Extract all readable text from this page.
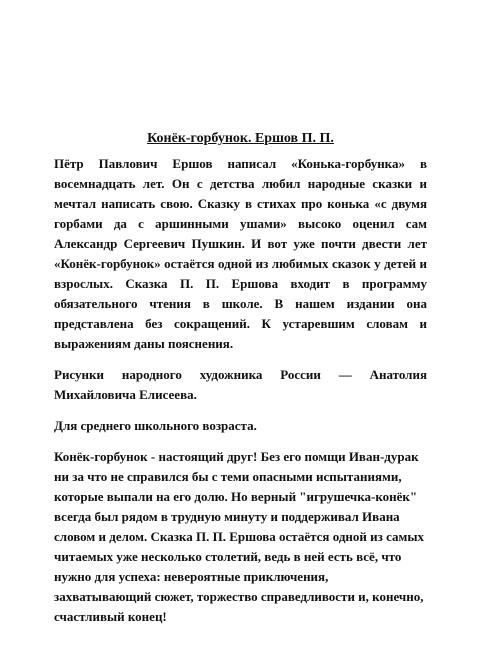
Конёк-горбунок. Ершов П. П.

Пётр Павлович Ершов написал «Конька-горбунка» в восемнадцать лет. Он с детства любил народные сказки и мечтал написать свою. Сказку в стихах про конька «с двумя горбами да с аршинными ушами» высоко оценил сам Александр Сергеевич Пушкин. И вот уже почти двести лет «Конёк-горбунок» остаётся одной из любимых сказок у детей и взрослых. Сказка П. П. Ершова входит в программу обязательного чтения в школе. В нашем издании она представлена без сокращений. К устаревшим словам и выражениям даны пояснения.

Рисунки народного художника России — Анатолия Михайловича Елисеева.

Для среднего школьного возраста.

Конёк-горбунок - настоящий друг! Без его помщи Иван-дурак ни за что не справился бы с теми опасными испытаниями, которые выпали на его долю. Но верный "игрушечка-конёк" всегда был рядом в трудную минуту и поддерживал Ивана словом и делом. Сказка П. П. Ершова остаётся одной из самых читаемых уже несколько столетий, ведь в ней есть всё, что нужно для успеха: невероятные приключения, захватывающий сюжет, торжество справедливости и, конечно, счастливый конец!
